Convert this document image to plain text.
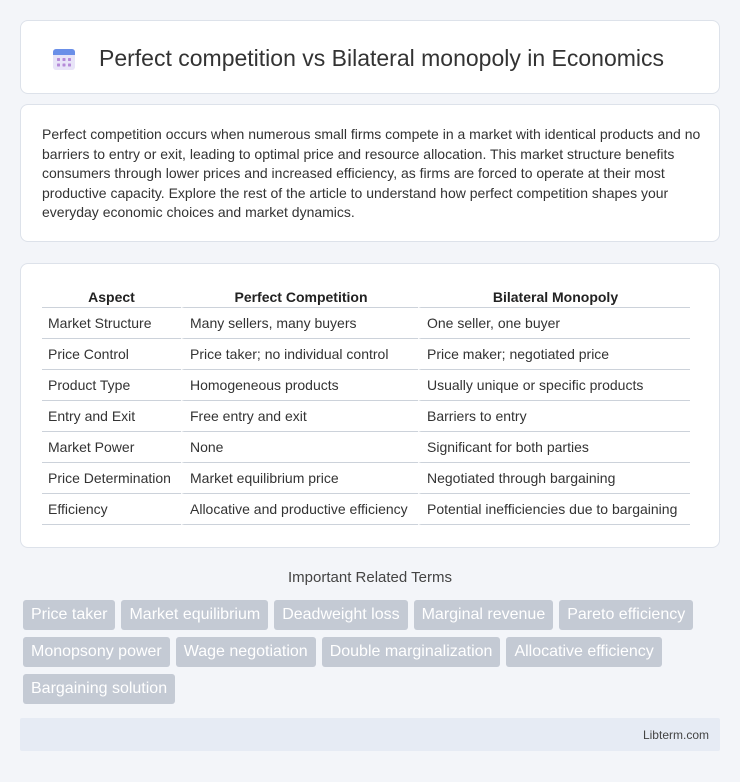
Perfect competition vs Bilateral monopoly in Economics

Perfect competition occurs when numerous small firms compete in a market with identical products and no barriers to entry or exit, leading to optimal price and resource allocation. This market structure benefits consumers through lower prices and increased efficiency, as firms are forced to operate at their most productive capacity. Explore the rest of the article to understand how perfect competition shapes your everyday economic choices and market dynamics.

Aspect	Perfect Competition	Bilateral Monopoly
Market Structure	Many sellers, many buyers	One seller, one buyer
Price Control	Price taker; no individual control	Price maker; negotiated price
Product Type	Homogeneous products	Usually unique or specific products
Entry and Exit	Free entry and exit	Barriers to entry
Market Power	None	Significant for both parties
Price Determination	Market equilibrium price	Negotiated through bargaining
Efficiency	Allocative and productive efficiency	Potential inefficiencies due to bargaining
Important Related Terms
Price taker	Market equilibrium	Deadweight loss	Marginal revenue	Pareto efficiency
Monopsony power	Wage negotiation	Double marginalization	Allocative efficiency
Bargaining solution
Libterm.com
